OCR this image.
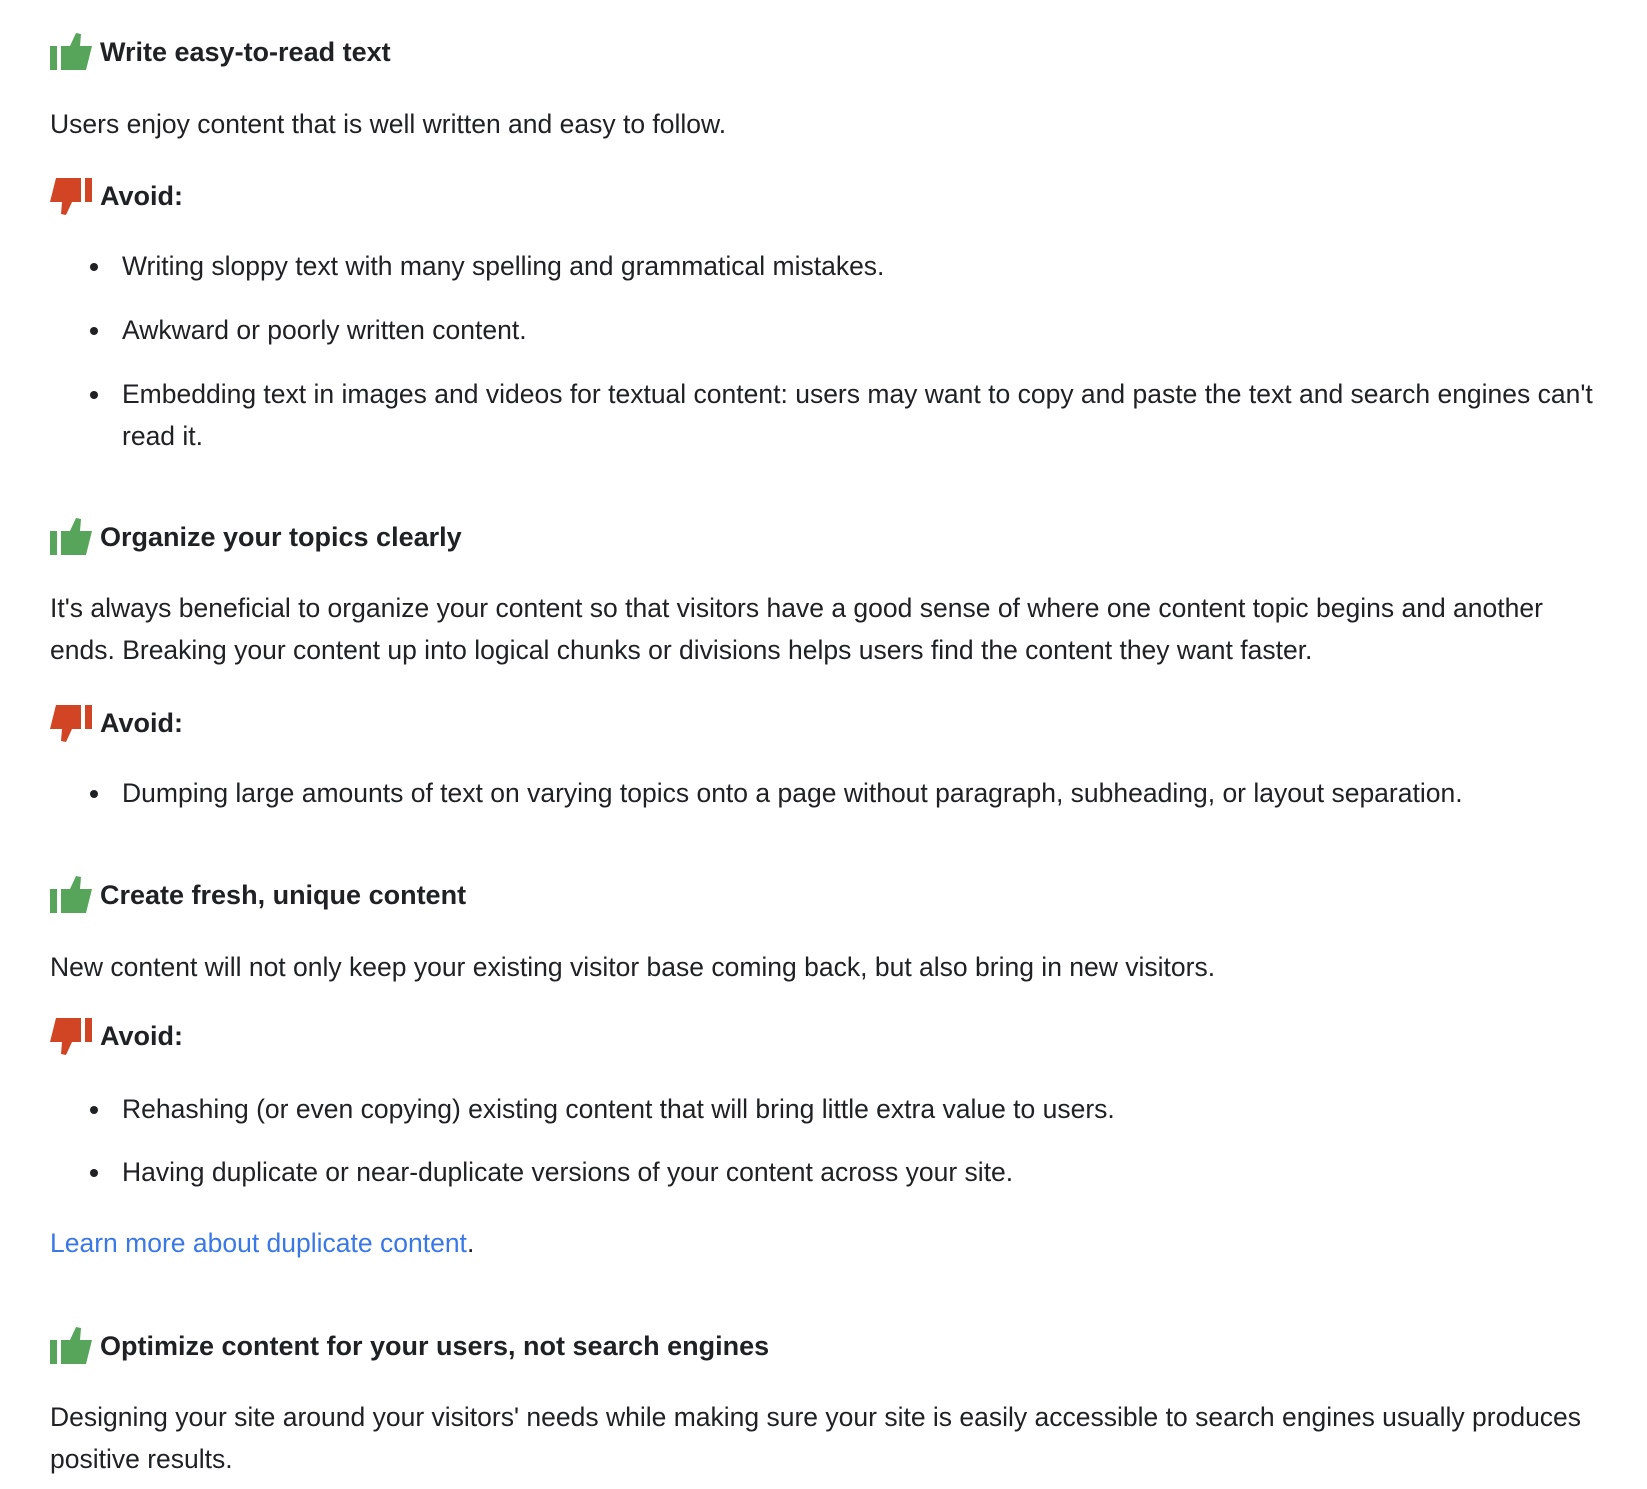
Write easy-to-read text

Users enjoy content that is well written and easy to follow.

Avoid:
Writing sloppy text with many spelling and grammatical mistakes.
Awkward or poorly written content.
Embedding text in images and videos for textual content: users may want to copy and paste the text and search engines can't read it.
Organize your topics clearly

It's always beneficial to organize your content so that visitors have a good sense of where one content topic begins and another ends. Breaking your content up into logical chunks or divisions helps users find the content they want faster.

Avoid:
Dumping large amounts of text on varying topics onto a page without paragraph, subheading, or layout separation.
Create fresh, unique content

New content will not only keep your existing visitor base coming back, but also bring in new visitors.

Avoid:
Rehashing (or even copying) existing content that will bring little extra value to users.
Having duplicate or near-duplicate versions of your content across your site.

Learn more about duplicate content.

Optimize content for your users, not search engines

Designing your site around your visitors' needs while making sure your site is easily accessible to search engines usually produces positive results.
